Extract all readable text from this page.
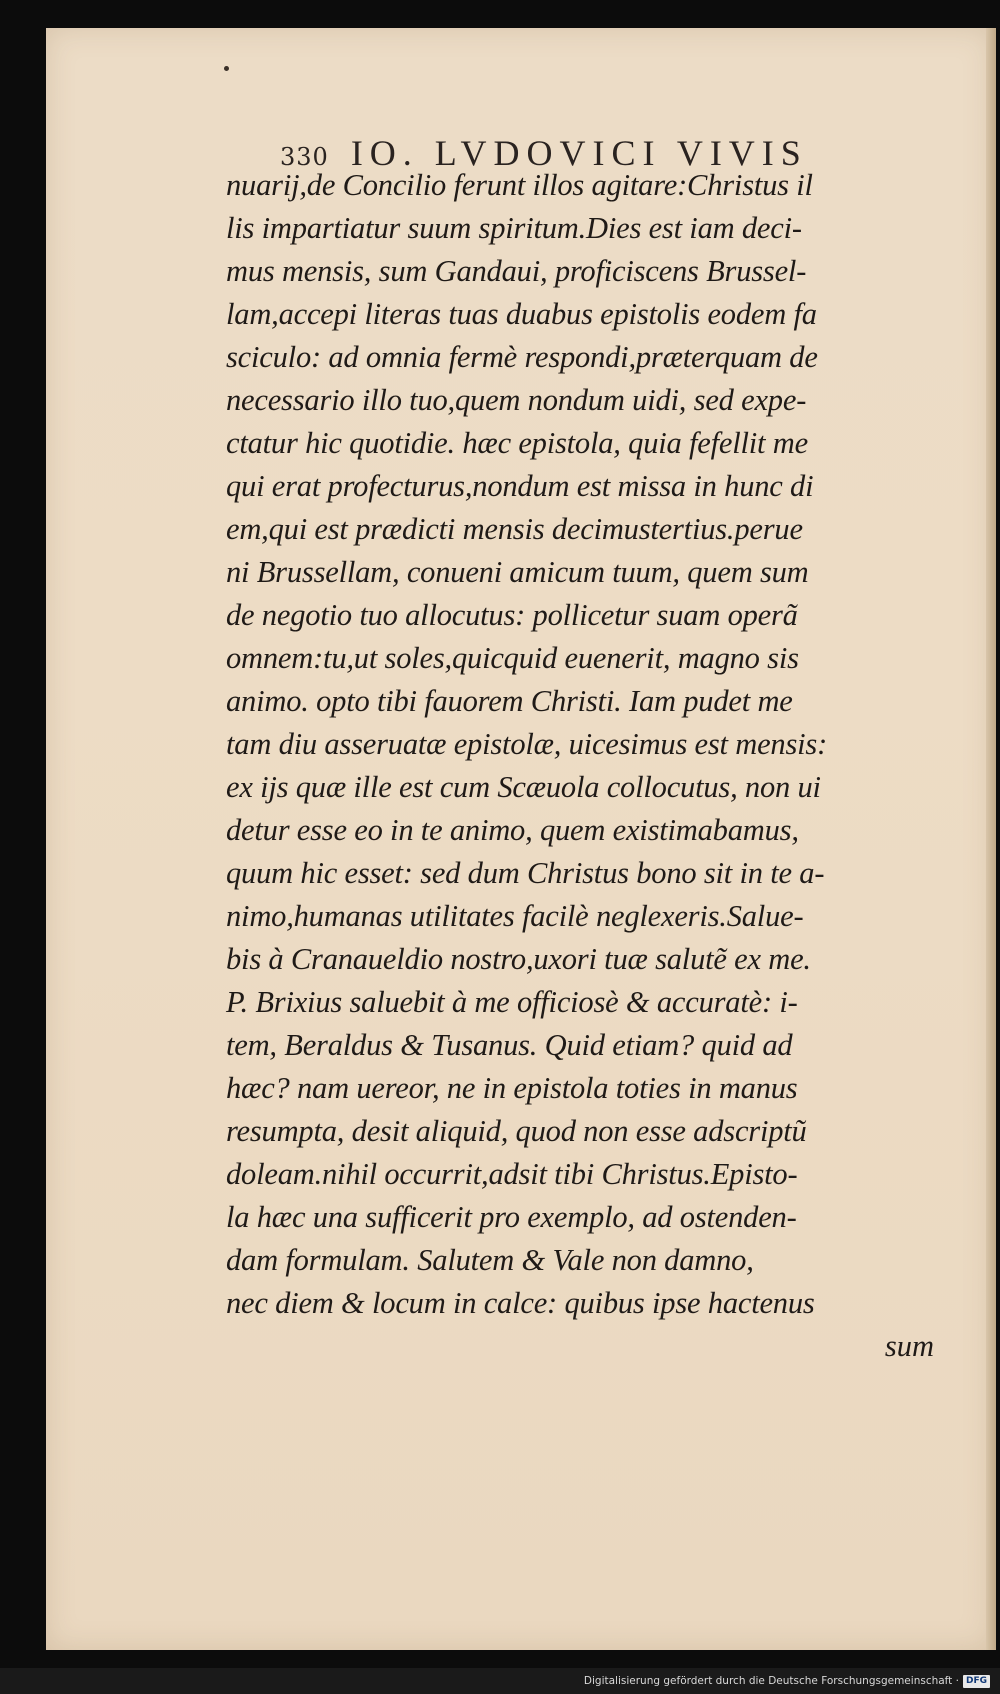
330 IO. LVDOVICI VIVIS
nuarij,de Concilio ferunt illos agitare:Christus il
lis impartiatur suum spiritum.Dies est iam deci-
mus mensis, sum Gandaui, proficiscens Brussel-
lam,accepi literas tuas duabus epistolis eodem fa
sciculo: ad omnia fermè respondi,præterquam de
necessario illo tuo,quem nondum uidi, sed expe-
ctatur hic quotidie. hæc epistola, quia fefellit me
qui erat profecturus,nondum est missa in hunc di
em,qui est prædicti mensis decimustertius.perue
ni Brussellam, conueni amicum tuum, quem sum
de negotio tuo allocutus: pollicetur suam operã
omnem:tu,ut soles,quicquid euenerit, magno sis
animo. opto tibi fauorem Christi. Iam pudet me
tam diu asseruatæ epistolæ, uicesimus est mensis:
ex ijs quæ ille est cum Scæuola collocutus, non ui
detur esse eo in te animo, quem existimabamus,
quum hic esset: sed dum Christus bono sit in te a-
nimo,humanas utilitates facilè neglexeris.Salue-
bis à Cranaueldio nostro,uxori tuæ salutẽ ex me.
P. Brixius saluebit à me officiosè & accuratè: i-
tem, Beraldus & Tusanus. Quid etiam? quid ad
hæc? nam uereor, ne in epistola toties in manus
resumpta, desit aliquid, quod non esse adscriptũ
doleam.nihil occurrit,adsit tibi Christus.Episto-
la hæc una sufficerit pro exemplo, ad ostenden-
dam formulam. Salutem & Vale non damno,
nec diem & locum in calce: quibus ipse hactenus
sum
Digitalisierung gefördert durch die Deutsche Forschungsgemeinschaft · DFG
